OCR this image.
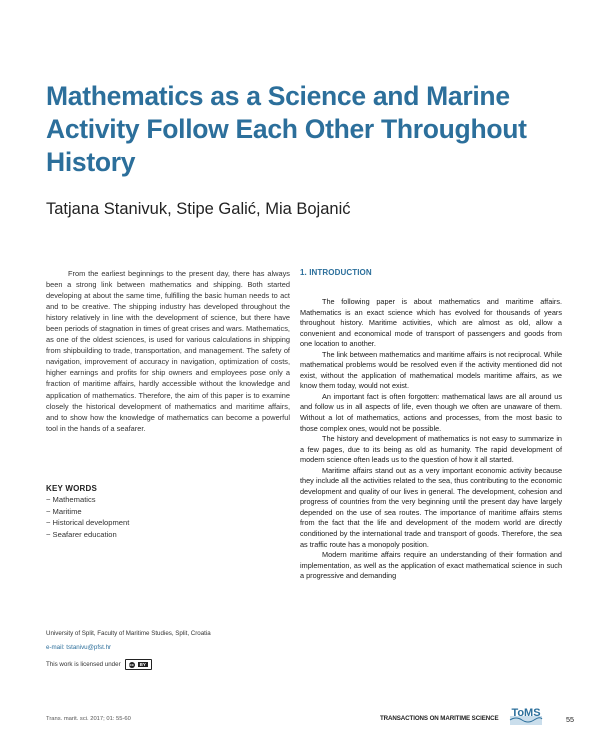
Mathematics as a Science and Marine Activity Follow Each Other Throughout History
Tatjana Stanivuk, Stipe Galić, Mia Bojanić

From the earliest beginnings to the present day, there has always been a strong link between mathematics and shipping. Both started developing at about the same time, fulfilling the basic human needs to act and to be creative. The shipping industry has developed throughout the history relatively in line with the development of science, but there have been periods of stagnation in times of great crises and wars. Mathematics, as one of the oldest sciences, is used for various calculations in shipping from shipbuilding to trade, transportation, and management. The safety of navigation, improvement of accuracy in navigation, optimization of costs, higher earnings and profits for ship owners and employees pose only a fraction of maritime affairs, hardly accessible without the knowledge and application of mathematics. Therefore, the aim of this paper is to examine closely the historical development of mathematics and maritime affairs, and to show how the knowledge of mathematics can become a powerful tool in the hands of a seafarer.

KEY WORDS
~ Mathematics
~ Maritime
~ Historical development
~ Seafarer education
University of Split, Faculty of Maritime Studies, Split, Croatia
e-mail: tstanivu@pfst.hr
This work is licensed under cc	BY
1. INTRODUCTION

The following paper is about mathematics and maritime affairs. Mathematics is an exact science which has evolved for thousands of years throughout history. Maritime activities, which are almost as old, allow a convenient and economical mode of transport of passengers and goods from one location to another.

The link between mathematics and maritime affairs is not reciprocal. While mathematical problems would be resolved even if the activity mentioned did not exist, without the application of mathematical models maritime affairs, as we know them today, would not exist.

An important fact is often forgotten: mathematical laws are all around us and follow us in all aspects of life, even though we often are unaware of them. Without a lot of mathematics, actions and processes, from the most basic to those complex ones, would not be possible.

The history and development of mathematics is not easy to summarize in a few pages, due to its being as old as humanity. The rapid development of modern science often leads us to the question of how it all started.

Maritime affairs stand out as a very important economic activity because they include all the activities related to the sea, thus contributing to the economic development and quality of our lives in general. The development, cohesion and progress of countries from the very beginning until the present day have largely depended on the use of sea routes. The importance of maritime affairs stems from the fact that the life and development of the modern world are directly conditioned by the international trade and transport of goods. Therefore, the sea as traffic route has a monopoly position.

Modern maritime affairs require an understanding of their formation and implementation, as well as the application of exact mathematical science in such a progressive and demanding

Trans. marit. sci. 2017; 01: 55-60	TRANSACTIONS ON MARITIME SCIENCE ToMS
55
